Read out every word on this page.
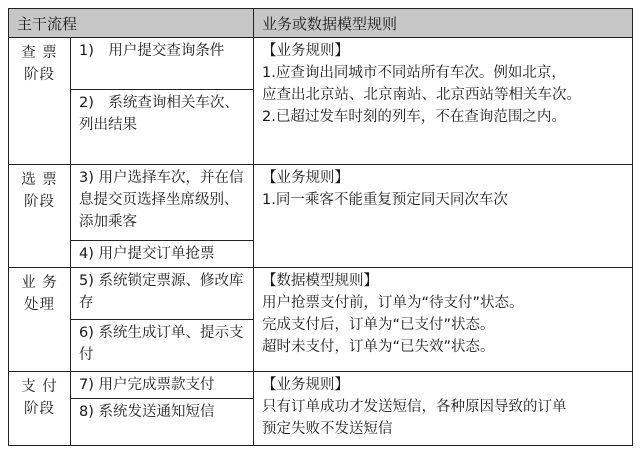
主干流程		业务或数据模型规则

查 票
阶段	1)　用户提交查询条件	【业务规则】
1.应查询出同城市不同站所有车次。例如北京，
应查出北京站、北京南站、北京西站等相关车次。
2.已超过发车时刻的列车，不在查询范围之内。

	2)　系统查询相关车次、列出结果	

选 票
阶段	3) 用户选择车次，并在信息提交页选择坐席级别、添加乘客	【业务规则】
1.同一乘客不能重复预定同天同次车次

	4) 用户提交订单抢票	

业 务
处理	5) 系统锁定票源、修改库存	【数据模型规则】
用户抢票支付前，订单为“待支付”状态。
完成支付后，订单为“已支付”状态。
超时未支付，订单为“已失效”状态。

	6) 系统生成订单、提示支付	

支 付
阶段	7) 用户完成票款支付	【业务规则】
只有订单成功才发送短信，各种原因导致的订单
预定失败不发送短信

	8) 系统发送通知短信	
